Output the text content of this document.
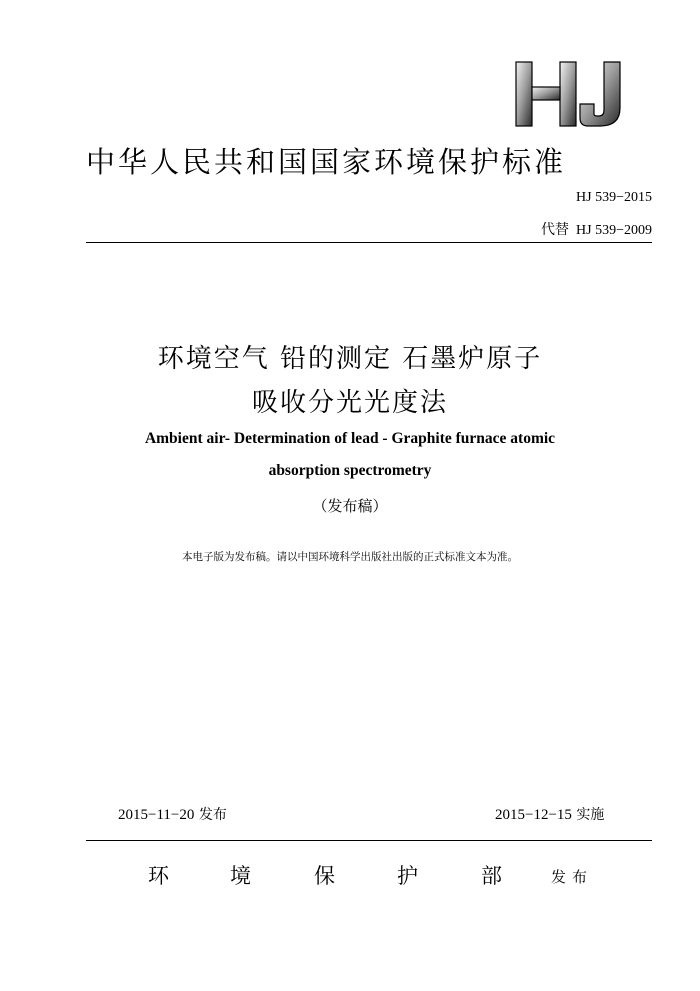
HJ
中华人民共和国国家环境保护标准
HJ 539−2015
代替 HJ 539−2009
环境空气 铅的测定 石墨炉原子
吸收分光光度法
Ambient air- Determination of lead - Graphite furnace atomic
absorption spectrometry
（发布稿）
本电子版为发布稿。请以中国环境科学出版社出版的正式标准文本为准。
2015−11−20 发布	2015−12−15 实施
环	境	保	护	部	发布
